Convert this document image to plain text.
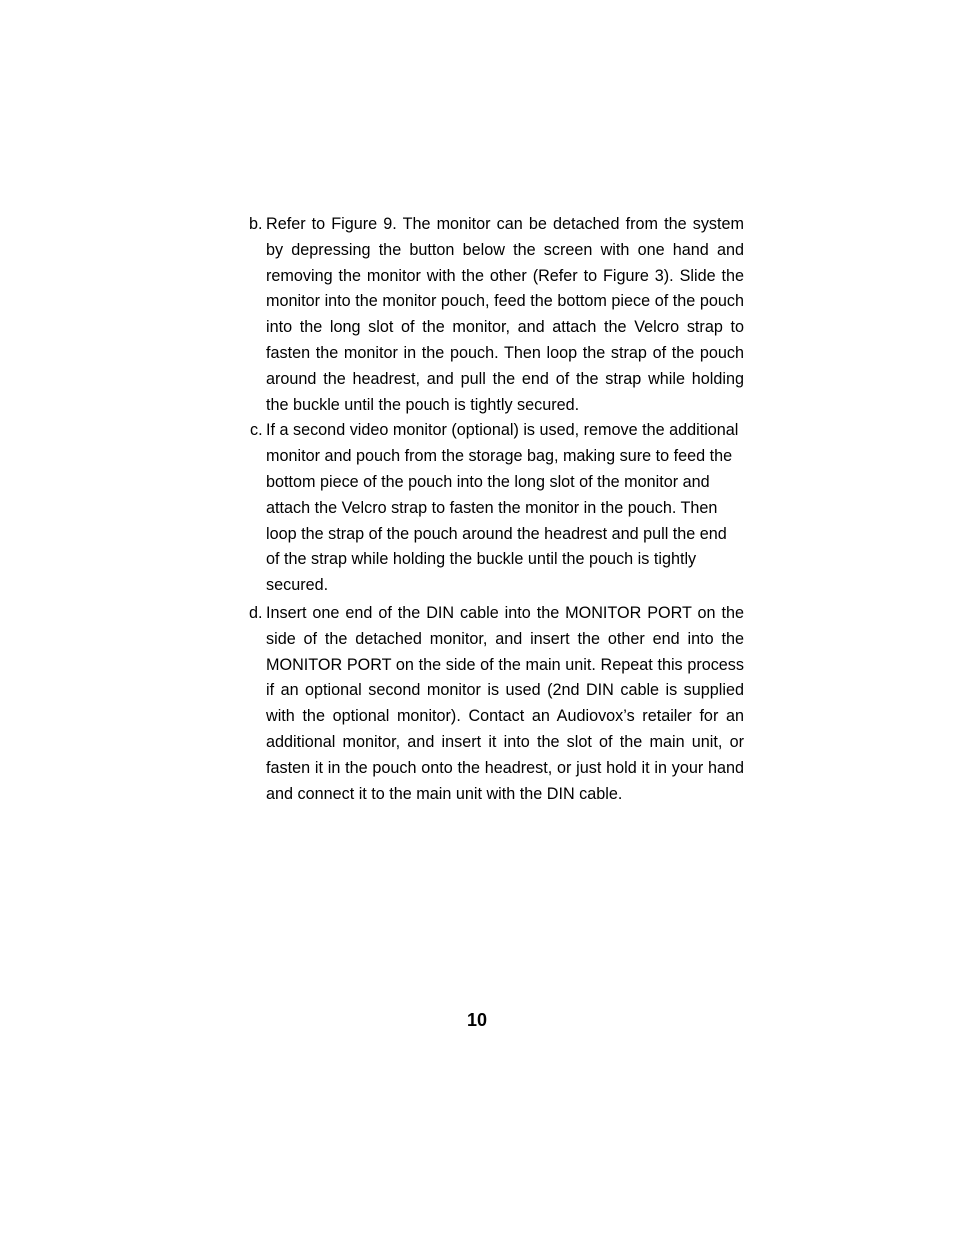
b. Refer to Figure 9. The monitor can be detached from the system by depressing the button below the screen with one hand and removing the monitor with the other (Refer to Figure 3). Slide the monitor into the monitor pouch, feed the bottom piece of the pouch into the long slot of the monitor, and attach the Velcro strap to fasten the monitor in the pouch. Then loop the strap of the pouch around the headrest, and pull the end of the strap while holding the buckle until the pouch is tightly secured.

c. If a second video monitor (optional) is used, remove the additional monitor and pouch from the storage bag, making sure to feed the bottom piece of the pouch into the long slot of the monitor and attach the Velcro strap to fasten the monitor in the pouch. Then loop the strap of the pouch around the headrest and pull the end of the strap while holding the buckle until the pouch is tightly secured.

d. Insert one end of the DIN cable into the MONITOR PORT on the side of the detached monitor, and insert the other end into the MONITOR PORT on the side of the main unit. Repeat this process if an optional second monitor is used (2nd DIN cable is supplied with the optional monitor). Contact an Audiovox’s retailer for an additional monitor, and insert it into the slot of the main unit, or fasten it in the pouch onto the headrest, or just hold it in your hand and connect it to the main unit with the DIN cable.

10
